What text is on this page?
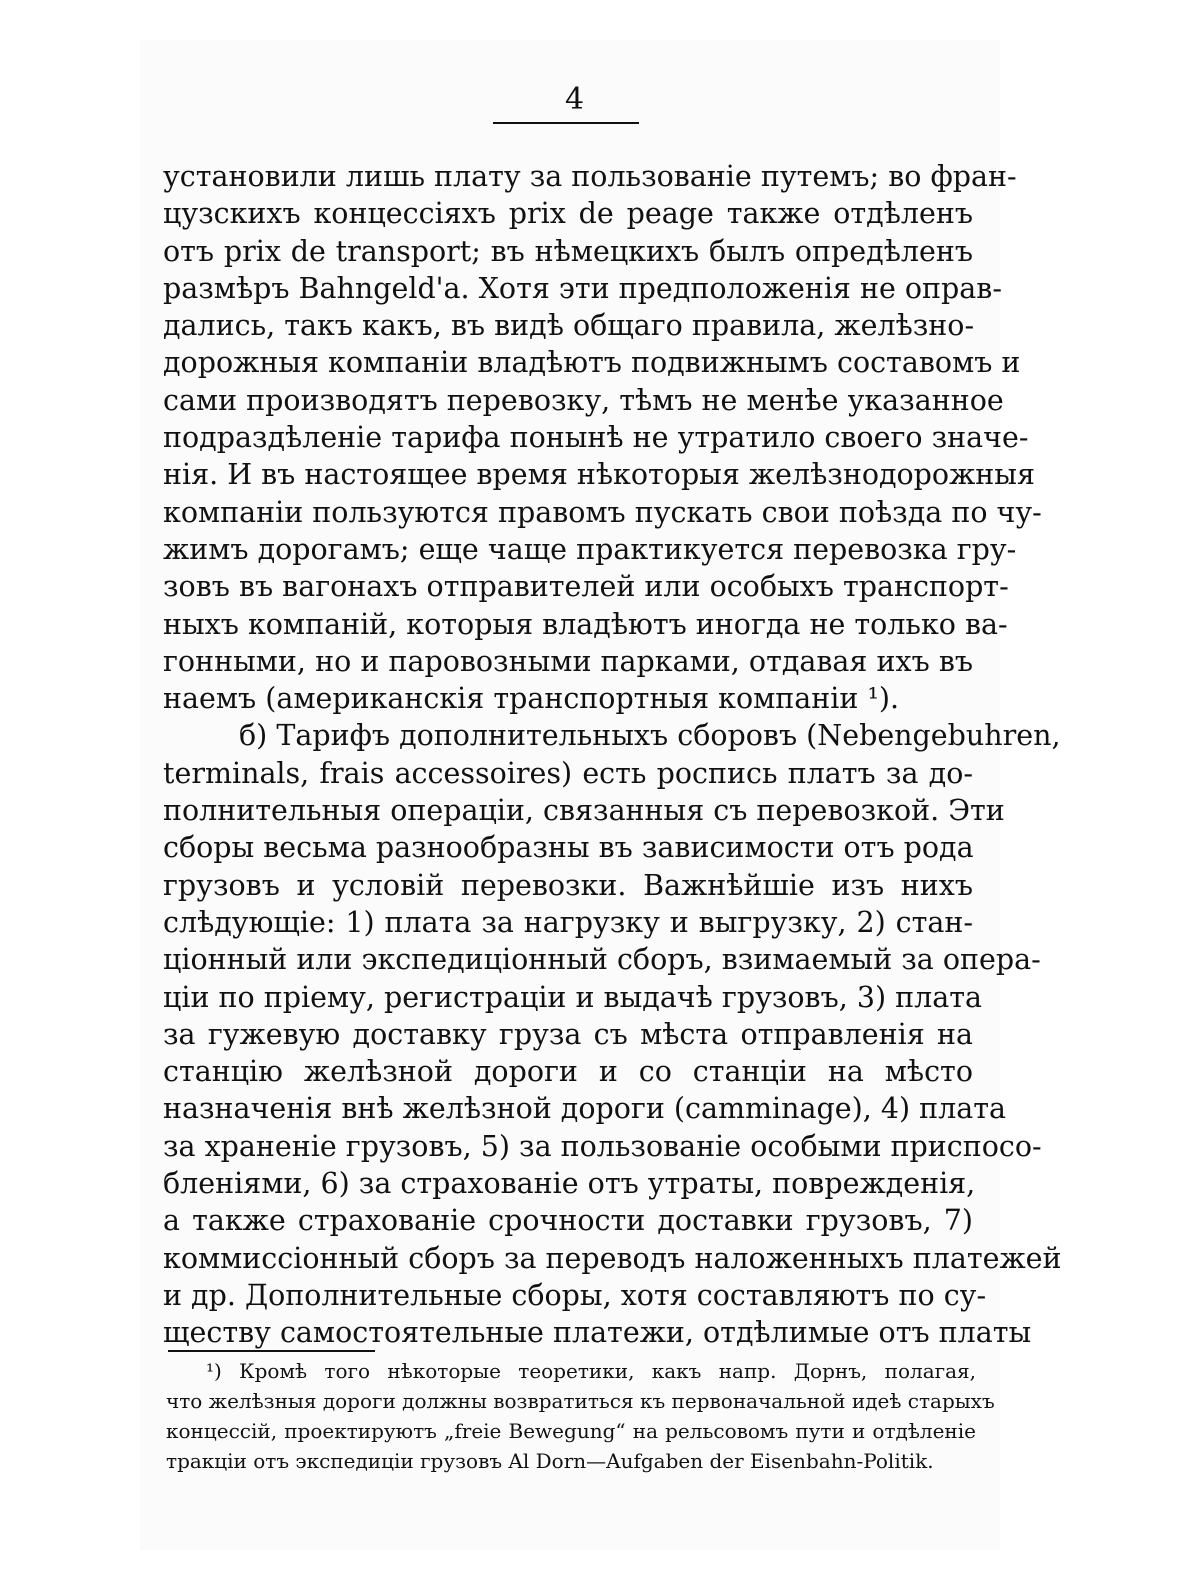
4
установили лишь плату за пользованіе путемъ; во фран-
цузскихъ концессіяхъ prix de peage также отдѣленъ
отъ prix de transport; въ нѣмецкихъ былъ опредѣленъ
размѣръ Bahngeld'a. Хотя эти предположенія не оправ-
дались, такъ какъ, въ видѣ общаго правила, желѣзно-
дорожныя компаніи владѣютъ подвижнымъ составомъ и
сами производятъ перевозку, тѣмъ не менѣе указанное
подраздѣленіе тарифа понынѣ не утратило своего значе-
нія. И въ настоящее время нѣкоторыя желѣзнодорожныя
компаніи пользуются правомъ пускать свои поѣзда по чу-
жимъ дорогамъ; еще чаще практикуется перевозка гру-
зовъ въ вагонахъ отправителей или особыхъ транспорт-
ныхъ компаній, которыя владѣютъ иногда не только ва-
гонными, но и паровозными парками, отдавая ихъ въ
наемъ (американскія транспортныя компаніи ¹).
б) Тарифъ дополнительныхъ сборовъ (Nebengebuhren,
terminals, frais accessoires) есть роспись платъ за до-
полнительныя операціи, связанныя съ перевозкой. Эти
сборы весьма разнообразны въ зависимости отъ рода
грузовъ и условій перевозки. Важнѣйшіе изъ нихъ
слѣдующіе: 1) плата за нагрузку и выгрузку, 2) стан-
ціонный или экспедиціонный сборъ, взимаемый за опера-
ціи по пріему, регистраціи и выдачѣ грузовъ, 3) плата
за гужевую доставку груза съ мѣста отправленія на
станцію желѣзной дороги и со станціи на мѣсто
назначенія внѣ желѣзной дороги (camminage), 4) плата
за храненіе грузовъ, 5) за пользованіе особыми приспосо-
бленіями, 6) за страхованіе отъ утраты, поврежденія,
а также страхованіе срочности доставки грузовъ, 7)
коммиссіонный сборъ за переводъ наложенныхъ платежей
и др. Дополнительные сборы, хотя составляютъ по су-
ществу самостоятельные платежи, отдѣлимые отъ платы
¹) Кромѣ того нѣкоторые теоретики, какъ напр. Дорнъ, полагая,
что желѣзныя дороги должны возвратиться къ первоначальной идеѣ старыхъ
концессій, проектируютъ „freie Bewegung“ на рельсовомъ пути и отдѣленіе
тракціи отъ экспедиціи грузовъ Al Dorn—Aufgaben der Eisenbahn-Politik.
